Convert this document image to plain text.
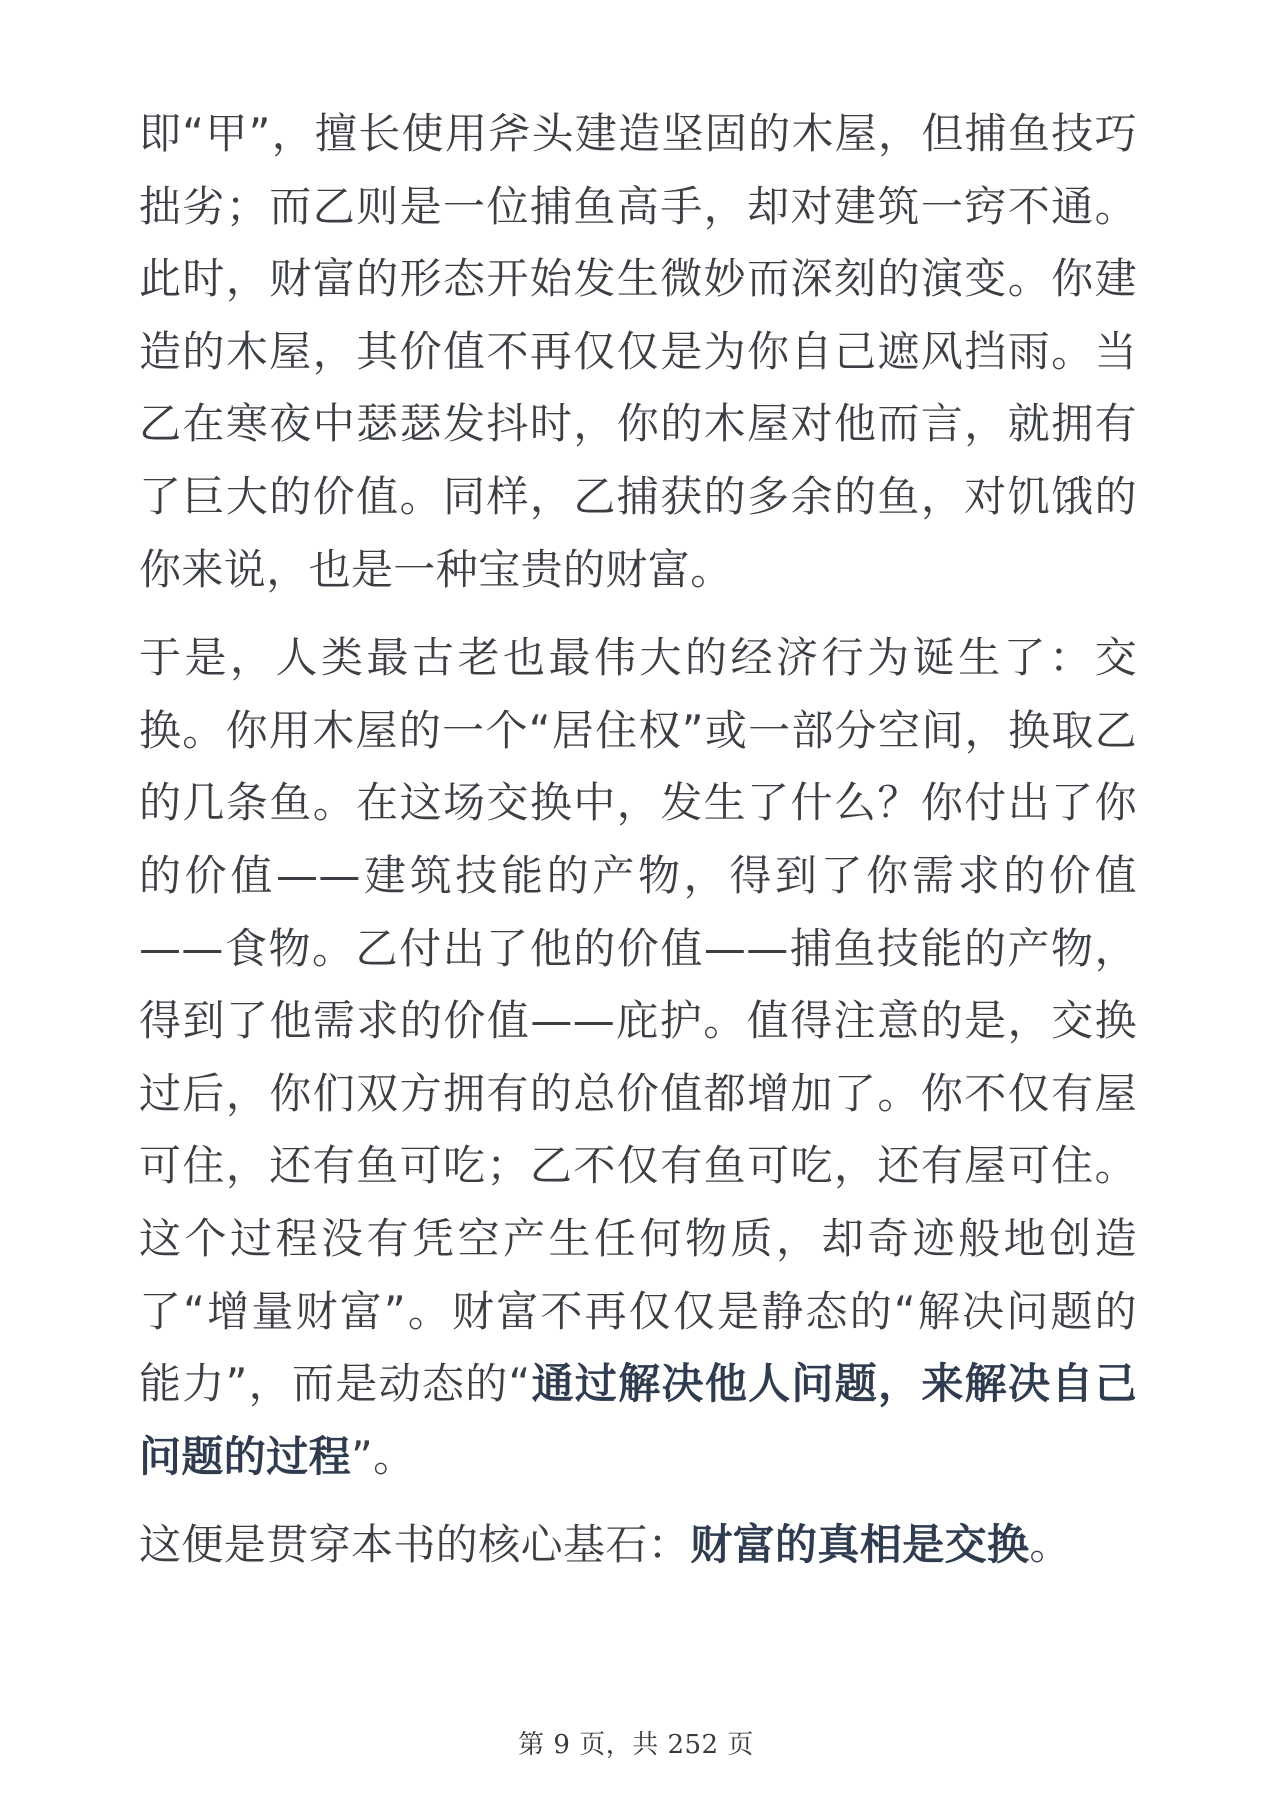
即“甲”，擅长使用斧头建造坚固的木屋，但捕鱼技巧拙劣；而乙则是一位捕鱼高手，却对建筑一窍不通。此时，财富的形态开始发生微妙而深刻的演变。你建造的木屋，其价值不再仅仅是为你自己遮风挡雨。当乙在寒夜中瑟瑟发抖时，你的木屋对他而言，就拥有了巨大的价值。同样，乙捕获的多余的鱼，对饥饿的你来说，也是一种宝贵的财富。

于是，人类最古老也最伟大的经济行为诞生了：交换。你用木屋的一个“居住权”或一部分空间，换取乙的几条鱼。在这场交换中，发生了什么？你付出了你的价值——建筑技能的产物，得到了你需求的价值——食物。乙付出了他的价值——捕鱼技能的产物，得到了他需求的价值——庇护。值得注意的是，交换过后，你们双方拥有的总价值都增加了。你不仅有屋可住，还有鱼可吃；乙不仅有鱼可吃，还有屋可住。这个过程没有凭空产生任何物质，却奇迹般地创造了“增量财富”。财富不再仅仅是静态的“解决问题的能力”，而是动态的“通过解决他人问题，来解决自己问题的过程”。

这便是贯穿本书的核心基石：财富的真相是交换。

第 9 页，共 252 页
